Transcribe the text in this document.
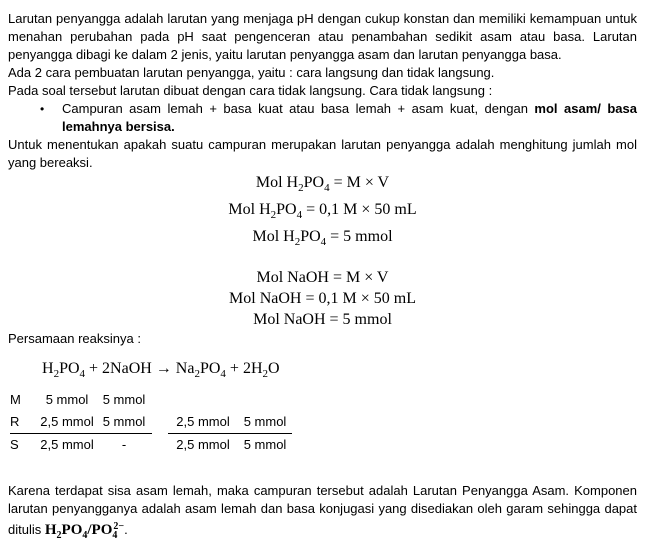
Larutan penyangga adalah larutan yang menjaga pH dengan cukup konstan dan memiliki kemampuan untuk menahan perubahan pada pH saat pengenceran atau penambahan sedikit asam atau basa. Larutan penyangga dibagi ke dalam 2 jenis, yaitu larutan penyangga asam dan larutan penyangga basa.

Ada 2 cara pembuatan larutan penyangga, yaitu : cara langsung dan tidak langsung.

Pada soal tersebut larutan dibuat dengan cara tidak langsung. Cara tidak langsung :

•	Campuran asam lemah + basa kuat atau basa lemah + asam kuat, dengan mol asam/ basa lemahnya bersisa.

Untuk menentukan apakah suatu campuran merupakan larutan penyangga adalah menghitung jumlah mol yang bereaksi.

Mol $H_2PO_4 = M \times V$
Mol $H_2PO_4 = 0,1$ M × 50 mL
Mol $H_2PO_4 = 5$ mmol
Mol NaOH = M × V
Mol NaOH = 0,1 M × 50 mL
Mol NaOH = 5 mmol

Persamaan reaksinya :

$H_2PO_4$ + 2NaOH → $Na_2PO_4 + 2H_2O$
M	5 mmol	5 mmol
R	2,5 mmol 5 mmol	2,5 mmol	5 mmol
S	2,5 mmol	-	2,5 mmol	5 mmol

Karena terdapat sisa asam lemah, maka campuran tersebut adalah Larutan Penyangga Asam. Komponen larutan penyangganya adalah asam lemah dan basa konjugasi yang disediakan oleh garam sehingga dapat ditulis $H_2PO_4/PO_4^{2-}$.
